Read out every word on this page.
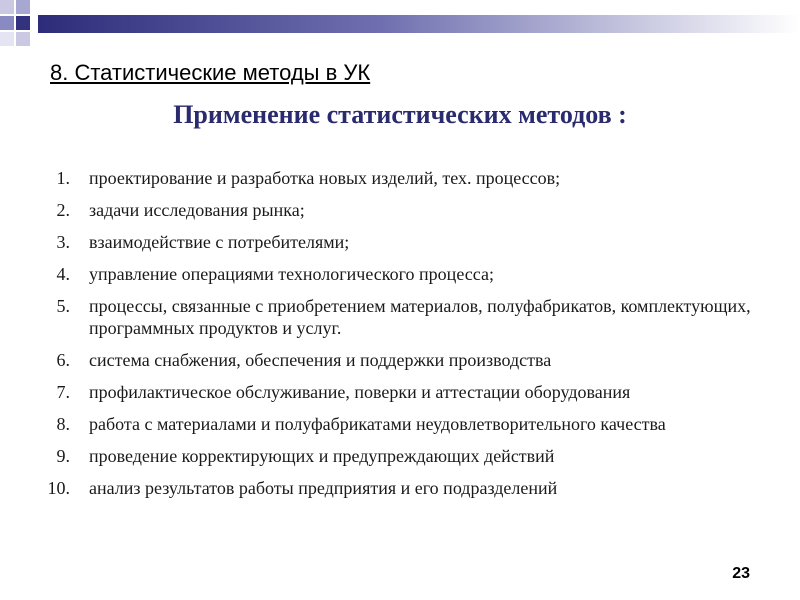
8. Статистические методы в УК
Применение статистических методов :
1. проектирование и разработка новых изделий, тех. процессов;
2. задачи исследования рынка;
3. взаимодействие с потребителями;
4. управление операциями технологического процесса;
5. процессы, связанные с приобретением материалов, полуфабрикатов, комплектующих, программных продуктов и услуг.
6. система снабжения, обеспечения и поддержки производства
7. профилактическое обслуживание, поверки и аттестации оборудования
8. работа с материалами и полуфабрикатами неудовлетворительного качества
9. проведение корректирующих и предупреждающих действий
10. анализ результатов работы предприятия и его подразделений
23
